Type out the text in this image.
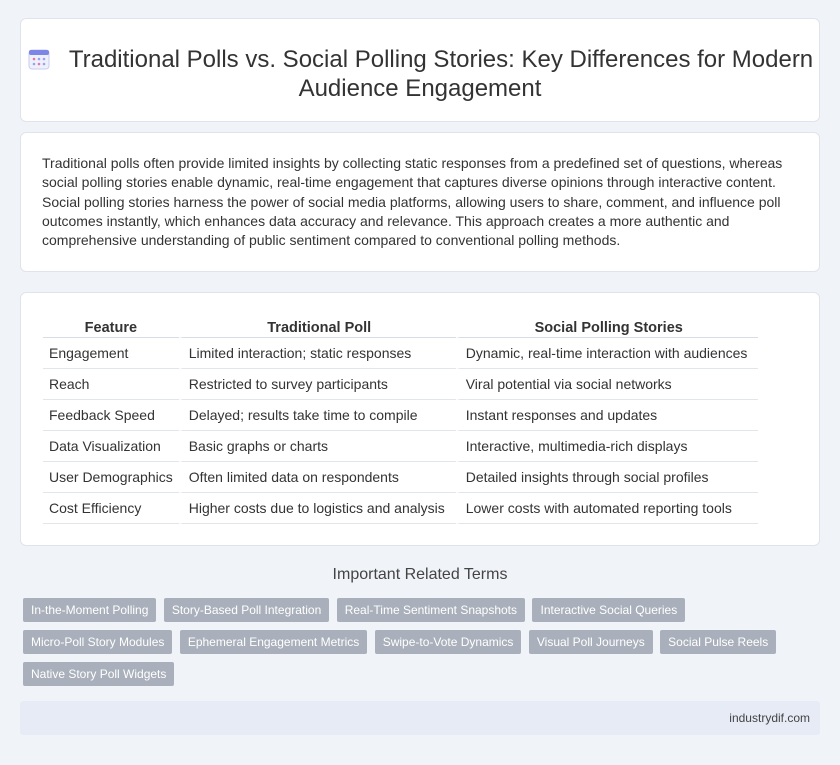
Traditional Polls vs. Social Polling Stories: Key Differences for Modern Audience Engagement

Traditional polls often provide limited insights by collecting static responses from a predefined set of questions, whereas social polling stories enable dynamic, real-time engagement that captures diverse opinions through interactive content. Social polling stories harness the power of social media platforms, allowing users to share, comment, and influence poll outcomes instantly, which enhances data accuracy and relevance. This approach creates a more authentic and comprehensive understanding of public sentiment compared to conventional polling methods.

Feature	Traditional Poll	Social Polling Stories
Engagement	Limited interaction; static responses	Dynamic, real-time interaction with audiences
Reach	Restricted to survey participants	Viral potential via social networks
Feedback Speed	Delayed; results take time to compile	Instant responses and updates
Data Visualization	Basic graphs or charts	Interactive, multimedia-rich displays
User Demographics	Often limited data on respondents	Detailed insights through social profiles
Cost Efficiency	Higher costs due to logistics and analysis	Lower costs with automated reporting tools
Important Related Terms
In-the-Moment Polling Story-Based Poll Integration Real-Time Sentiment Snapshots Interactive Social Queries Micro-Poll Story Modules Ephemeral Engagement Metrics Swipe-to-Vote Dynamics Visual Poll Journeys Social Pulse Reels Native Story Poll Widgets
industrydif.com
